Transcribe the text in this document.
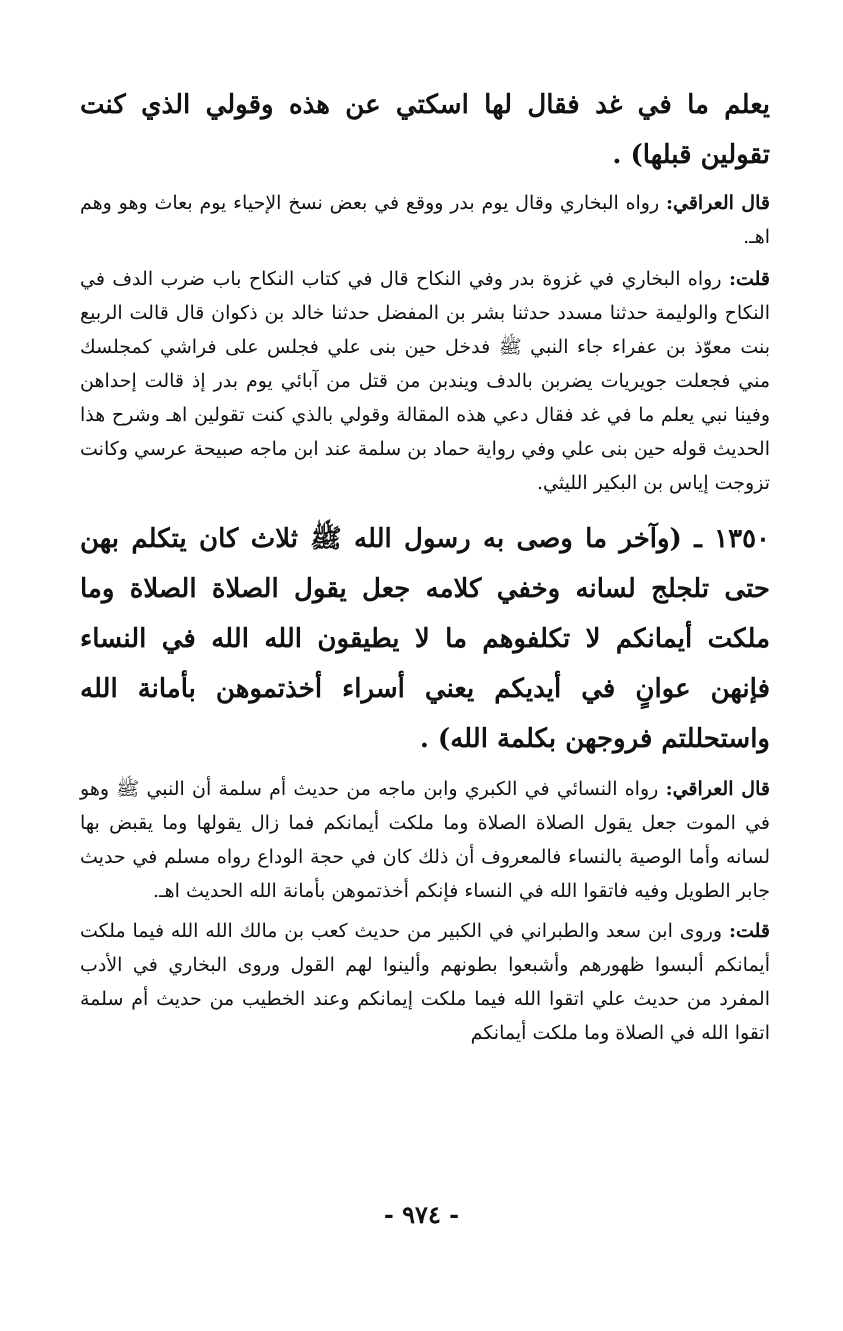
يعلم ما في غد فقال لها اسكتي عن هذه وقولي الذي كنت تقولين قبلها) .

قال العراقي: رواه البخاري وقال يوم بدر ووقع في بعض نسخ الإحياء يوم بعاث وهو وهم اهـ.

قلت: رواه البخاري في غزوة بدر وفي النكاح قال في كتاب النكاح باب ضرب الدف في النكاح والوليمة حدثنا مسدد حدثنا بشر بن المفضل حدثنا خالد بن ذكوان قال قالت الربيع بنت معوّذ بن عفراء جاء النبي ﷺ فدخل حين بنى علي فجلس على فراشي كمجلسك مني فجعلت جويريات يضربن بالدف ويندبن من قتل من آبائي يوم بدر إذ قالت إحداهن وفينا نبي يعلم ما في غد فقال دعي هذه المقالة وقولي بالذي كنت تقولين اهـ وشرح هذا الحديث قوله حين بنى علي وفي رواية حماد بن سلمة عند ابن ماجه صبيحة عرسي وكانت تزوجت إياس بن البكير الليثي.

١٣٥٠ ـ (وآخر ما وصى به رسول الله ﷺ ثلاث كان يتكلم بهن حتى تلجلج لسانه وخفي كلامه جعل يقول الصلاة الصلاة وما ملكت أيمانكم لا تكلفوهم ما لا يطيقون الله الله في النساء فإنهن عوانٍ في أيديكم يعني أسراء أخذتموهن بأمانة الله واستحللتم فروجهن بكلمة الله) .

قال العراقي: رواه النسائي في الكبري وابن ماجه من حديث أم سلمة أن النبي ﷺ وهو في الموت جعل يقول الصلاة الصلاة وما ملكت أيمانكم فما زال يقولها وما يقبض بها لسانه وأما الوصية بالنساء فالمعروف أن ذلك كان في حجة الوداع رواه مسلم في حديث جابر الطويل وفيه فاتقوا الله في النساء فإنكم أخذتموهن بأمانة الله الحديث اهـ.

قلت: وروى ابن سعد والطبراني في الكبير من حديث كعب بن مالك الله الله فيما ملكت أيمانكم ألبسوا ظهورهم وأشبعوا بطونهم وألينوا لهم القول وروى البخاري في الأدب المفرد من حديث علي اتقوا الله فيما ملكت إيمانكم وعند الخطيب من حديث أم سلمة اتقوا الله في الصلاة وما ملكت أيمانكم

- ٩٧٤ -
